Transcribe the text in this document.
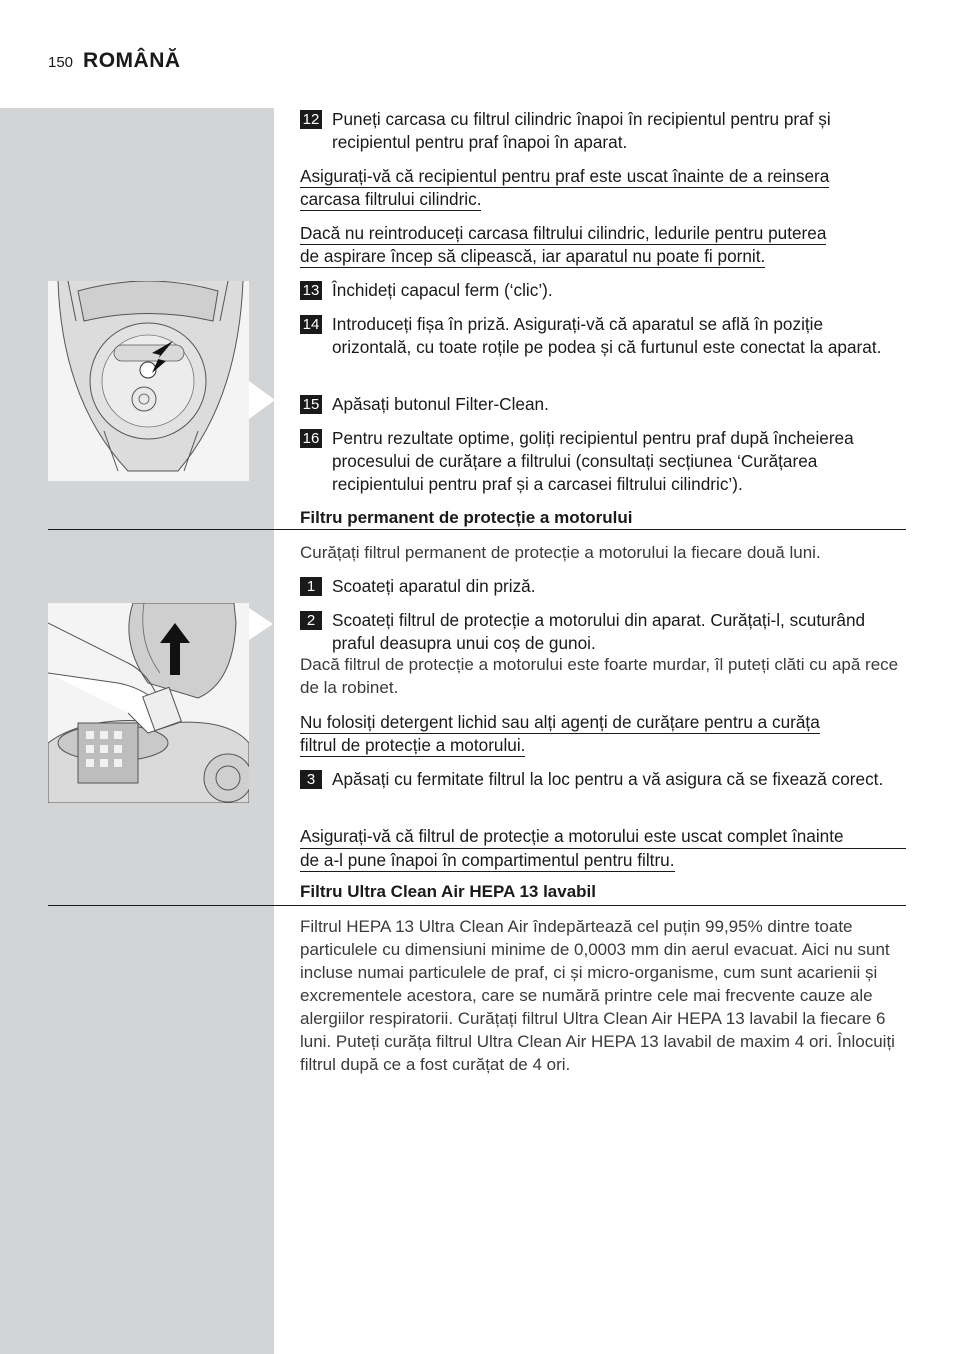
150 ROMÂNĂ
12 Puneți carcasa cu filtrul cilindric înapoi în recipientul pentru praf și recipientul pentru praf înapoi în aparat.
Asigurați-vă că recipientul pentru praf este uscat înainte de a reinsera
carcasa filtrului cilindric.
Dacă nu reintroduceți carcasa filtrului cilindric, ledurile pentru puterea
de aspirare încep să clipească, iar aparatul nu poate fi pornit.
13 Închideți capacul ferm (‘clic’).
14 Introduceți fișa în priză. Asigurați-vă că aparatul se află în poziție orizontală, cu toate roțile pe podea și că furtunul este conectat la aparat.
15 Apăsați butonul Filter-Clean.
16 Pentru rezultate optime, goliți recipientul pentru praf după încheierea procesului de curățare a filtrului (consultați secțiunea ‘Curățarea recipientului pentru praf și a carcasei filtrului cilindric’).
Filtru permanent de protecție a motorului
Curățați filtrul permanent de protecție a motorului la fiecare două luni.
1 Scoateți aparatul din priză.
2 Scoateți filtrul de protecție a motorului din aparat. Curățați-l, scuturând praful deasupra unui coș de gunoi.
Dacă filtrul de protecție a motorului este foarte murdar, îl puteți clăti cu apă rece de la robinet.
Nu folosiți detergent lichid sau alți agenți de curățare pentru a curăța
filtrul de protecție a motorului.
3 Apăsați cu fermitate filtrul la loc pentru a vă asigura că se fixează corect.
Asigurați-vă că filtrul de protecție a motorului este uscat complet înainte
de a-l pune înapoi în compartimentul pentru filtru.
Filtru Ultra Clean Air HEPA 13 lavabil
Filtrul HEPA 13 Ultra Clean Air îndepărtează cel puțin 99,95% dintre toate particulele cu dimensiuni minime de 0,0003 mm din aerul evacuat. Aici nu sunt incluse numai particulele de praf, ci și micro-organisme, cum sunt acarienii și excrementele acestora, care se numără printre cele mai frecvente cauze ale alergiilor respiratorii. Curățați filtrul Ultra Clean Air HEPA 13 lavabil la fiecare 6 luni. Puteți curăța filtrul Ultra Clean Air HEPA 13 lavabil de maxim 4 ori. Înlocuiți filtrul după ce a fost curățat de 4 ori.
